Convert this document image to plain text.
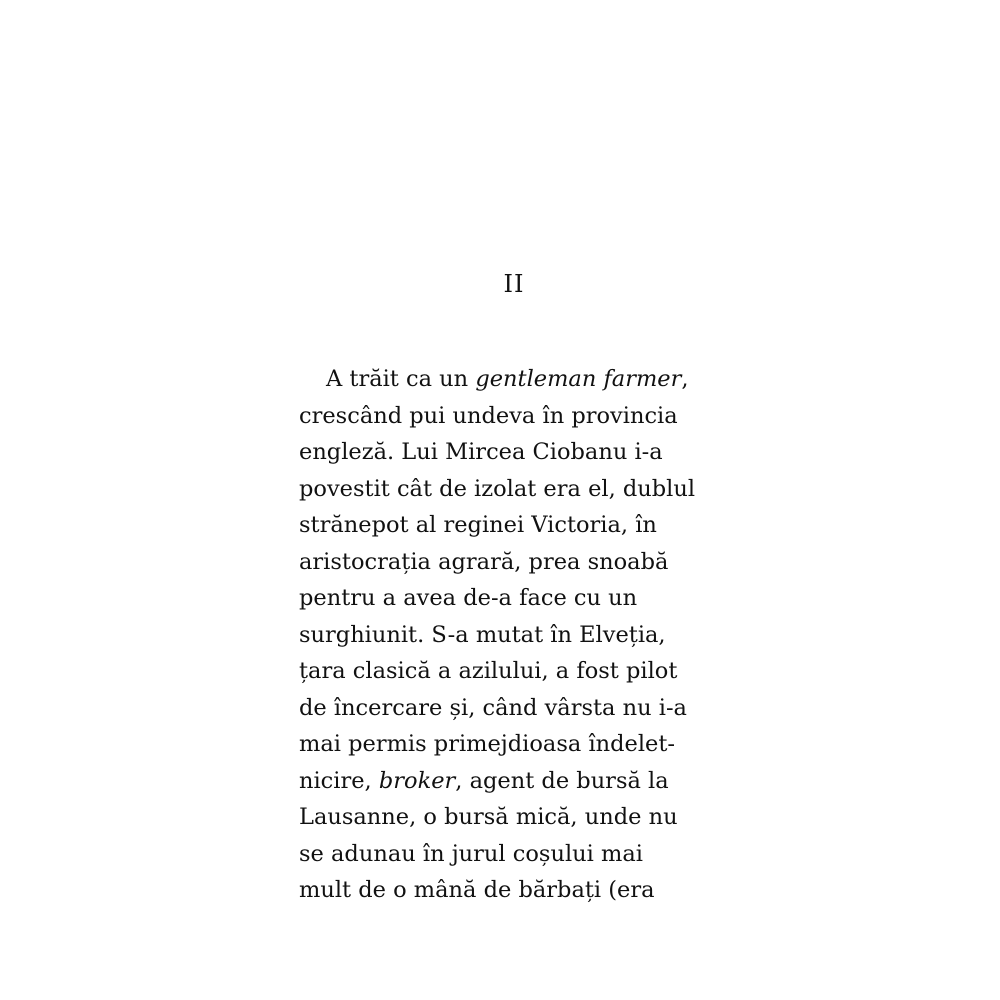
II
A trăit ca un gentleman farmer,
crescând pui undeva în provincia
engleză. Lui Mircea Ciobanu i-a
povestit cât de izolat era el, dublul
strănepot al reginei Victoria, în
aristocrația agrară, prea snoabă
pentru a avea de-a face cu un
surghiunit. S-a mutat în Elveția,
țara clasică a azilului, a fost pilot
de încercare și, când vârsta nu i-a
mai permis primejdioasa îndelet-
nicire, broker, agent de bursă la
Lausanne, o bursă mică, unde nu
se adunau în jurul coșului mai
mult de o mână de bărbați (era
